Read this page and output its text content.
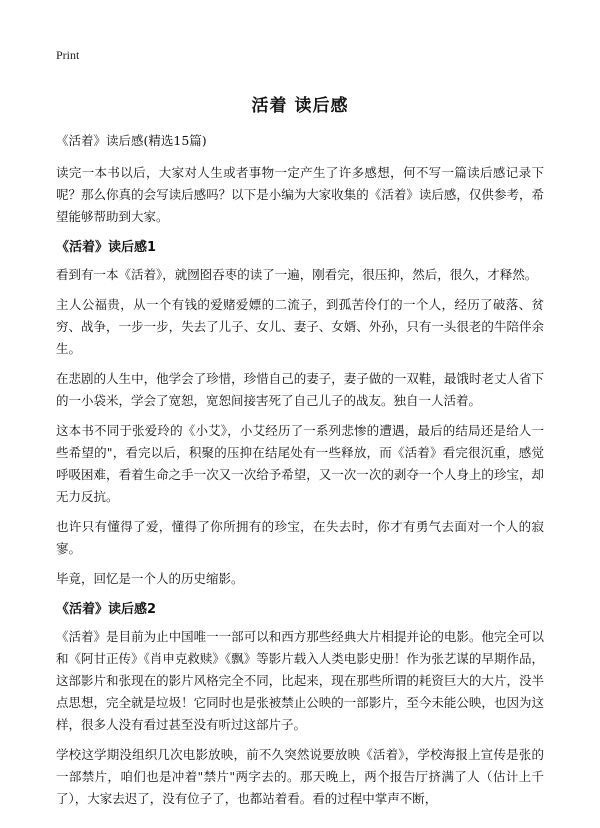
Print
活着 读后感

《活着》读后感(精选15篇)

读完一本书以后，大家对人生或者事物一定产生了许多感想，何不写一篇读后感记录下呢？那么你真的会写读后感吗？以下是小编为大家收集的《活着》读后感，仅供参考，希望能够帮助到大家。

《活着》读后感1

看到有一本《活着》，就囫囵吞枣的读了一遍，刚看完，很压抑，然后，很久，才释然。

主人公福贵，从一个有钱的爱赌爱嫖的二流子，到孤苦伶仃的一个人，经历了破落、贫穷、战争，一步一步，失去了儿子、女儿、妻子、女婿、外孙，只有一头很老的牛陪伴余生。

在悲剧的人生中，他学会了珍惜，珍惜自己的妻子，妻子做的一双鞋，最饿时老丈人省下的一小袋米，学会了宽恕，宽恕间接害死了自己儿子的战友。独自一人活着。

这本书不同于张爱玲的《小艾》，小艾经历了一系列悲惨的遭遇，最后的结局还是给人一些希望的"，看完以后，积聚的压抑在结尾处有一些释放，而《活着》看完很沉重，感觉呼吸困难，看着生命之手一次又一次给予希望，又一次一次的剥夺一个人身上的珍宝，却无力反抗。

也许只有懂得了爱，懂得了你所拥有的珍宝，在失去时，你才有勇气去面对一个人的寂寥。

毕竟，回忆是一个人的历史缩影。

《活着》读后感2

《活着》是目前为止中国唯一一部可以和西方那些经典大片相提并论的电影。他完全可以和《阿甘正传》《肖申克救赎》《飘》等影片载入人类电影史册！作为张艺谋的早期作品，这部影片和张现在的影片风格完全不同，比起来，现在那些所谓的耗资巨大的大片，没半点思想，完全就是垃圾！它同时也是张被禁止公映的一部影片，至今未能公映，也因为这样，很多人没有看过甚至没有听过这部片子。

学校这学期没组织几次电影放映，前不久突然说要放映《活着》，学校海报上宣传是张的一部禁片，咱们也是冲着"禁片"两字去的。那天晚上，两个报告厅挤满了人（估计上千了），大家去迟了，没有位子了，也都站着看。看的过程中掌声不断，
